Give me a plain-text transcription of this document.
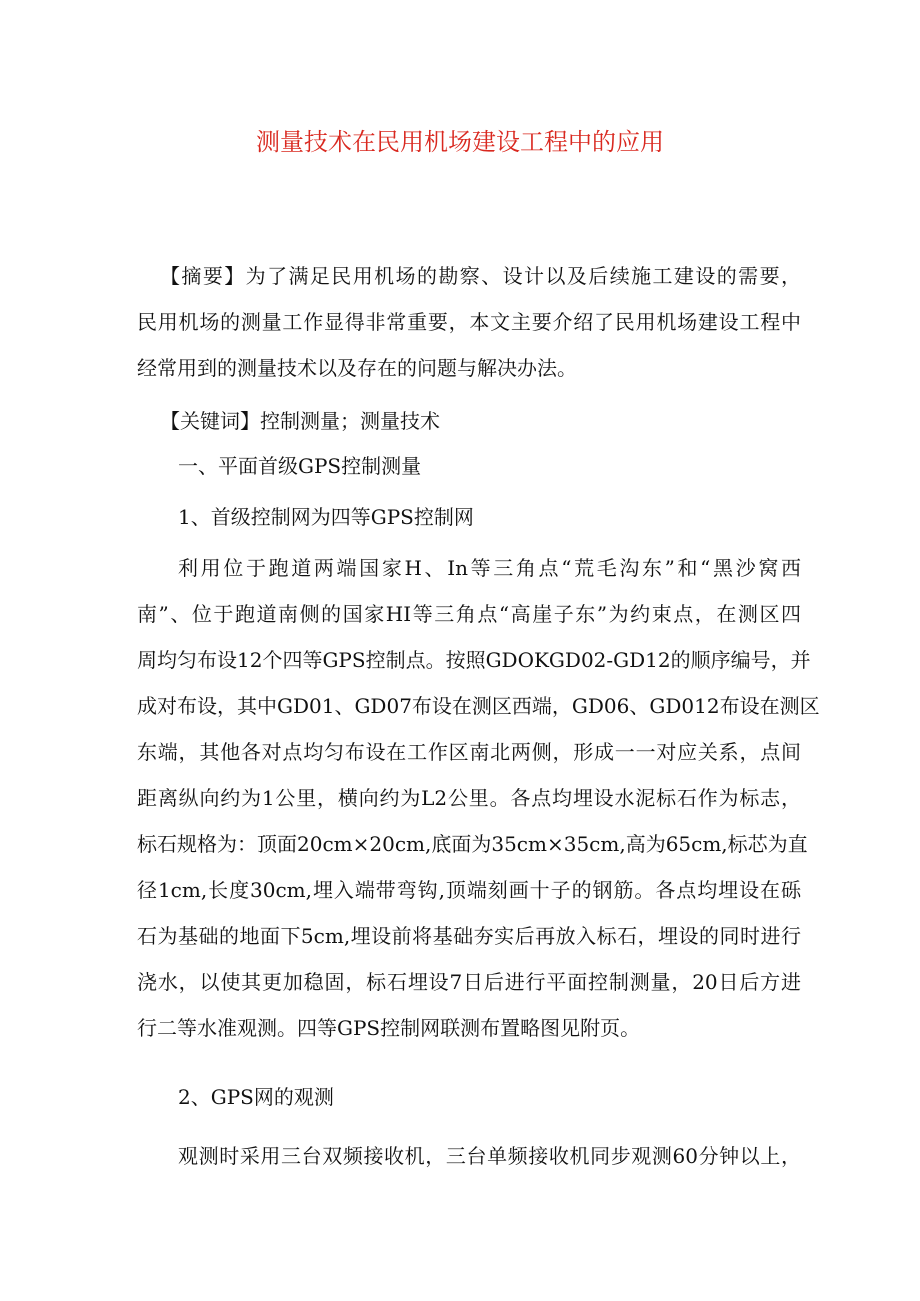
测量技术在民用机场建设工程中的应用
【摘要】为了满足民用机场的勘察、设计以及后续施工建设的需要，
民用机场的测量工作显得非常重要，本文主要介绍了民用机场建设工程中
经常用到的测量技术以及存在的问题与解决办法。
【关键词】控制测量；测量技术
一、平面首级GPS控制测量
1、首级控制网为四等GPS控制网
利用位于跑道两端国家H、In等三角点“荒毛沟东”和“黑沙窝西
南”、位于跑道南侧的国家HI等三角点“高崖子东”为约束点，在测区四
周均匀布设12个四等GPS控制点。按照GDOKGD02-GD12的顺序编号，并
成对布设，其中GD01、GD07布设在测区西端，GD06、GD012布设在测区
东端，其他各对点均匀布设在工作区南北两侧，形成一一对应关系，点间
距离纵向约为1公里，横向约为L2公里。各点均埋设水泥标石作为标志，
标石规格为：顶面20cm×20cm,底面为35cm×35cm,高为65cm,标芯为直
径1cm,长度30cm,埋入端带弯钩,顶端刻画十子的钢筋。各点均埋设在砾
石为基础的地面下5cm,埋设前将基础夯实后再放入标石，埋设的同时进行
浇水，以使其更加稳固，标石埋设7日后进行平面控制测量，20日后方进
行二等水准观测。四等GPS控制网联测布置略图见附页。
2、GPS网的观测
观测时采用三台双频接收机，三台单频接收机同步观测60分钟以上，
